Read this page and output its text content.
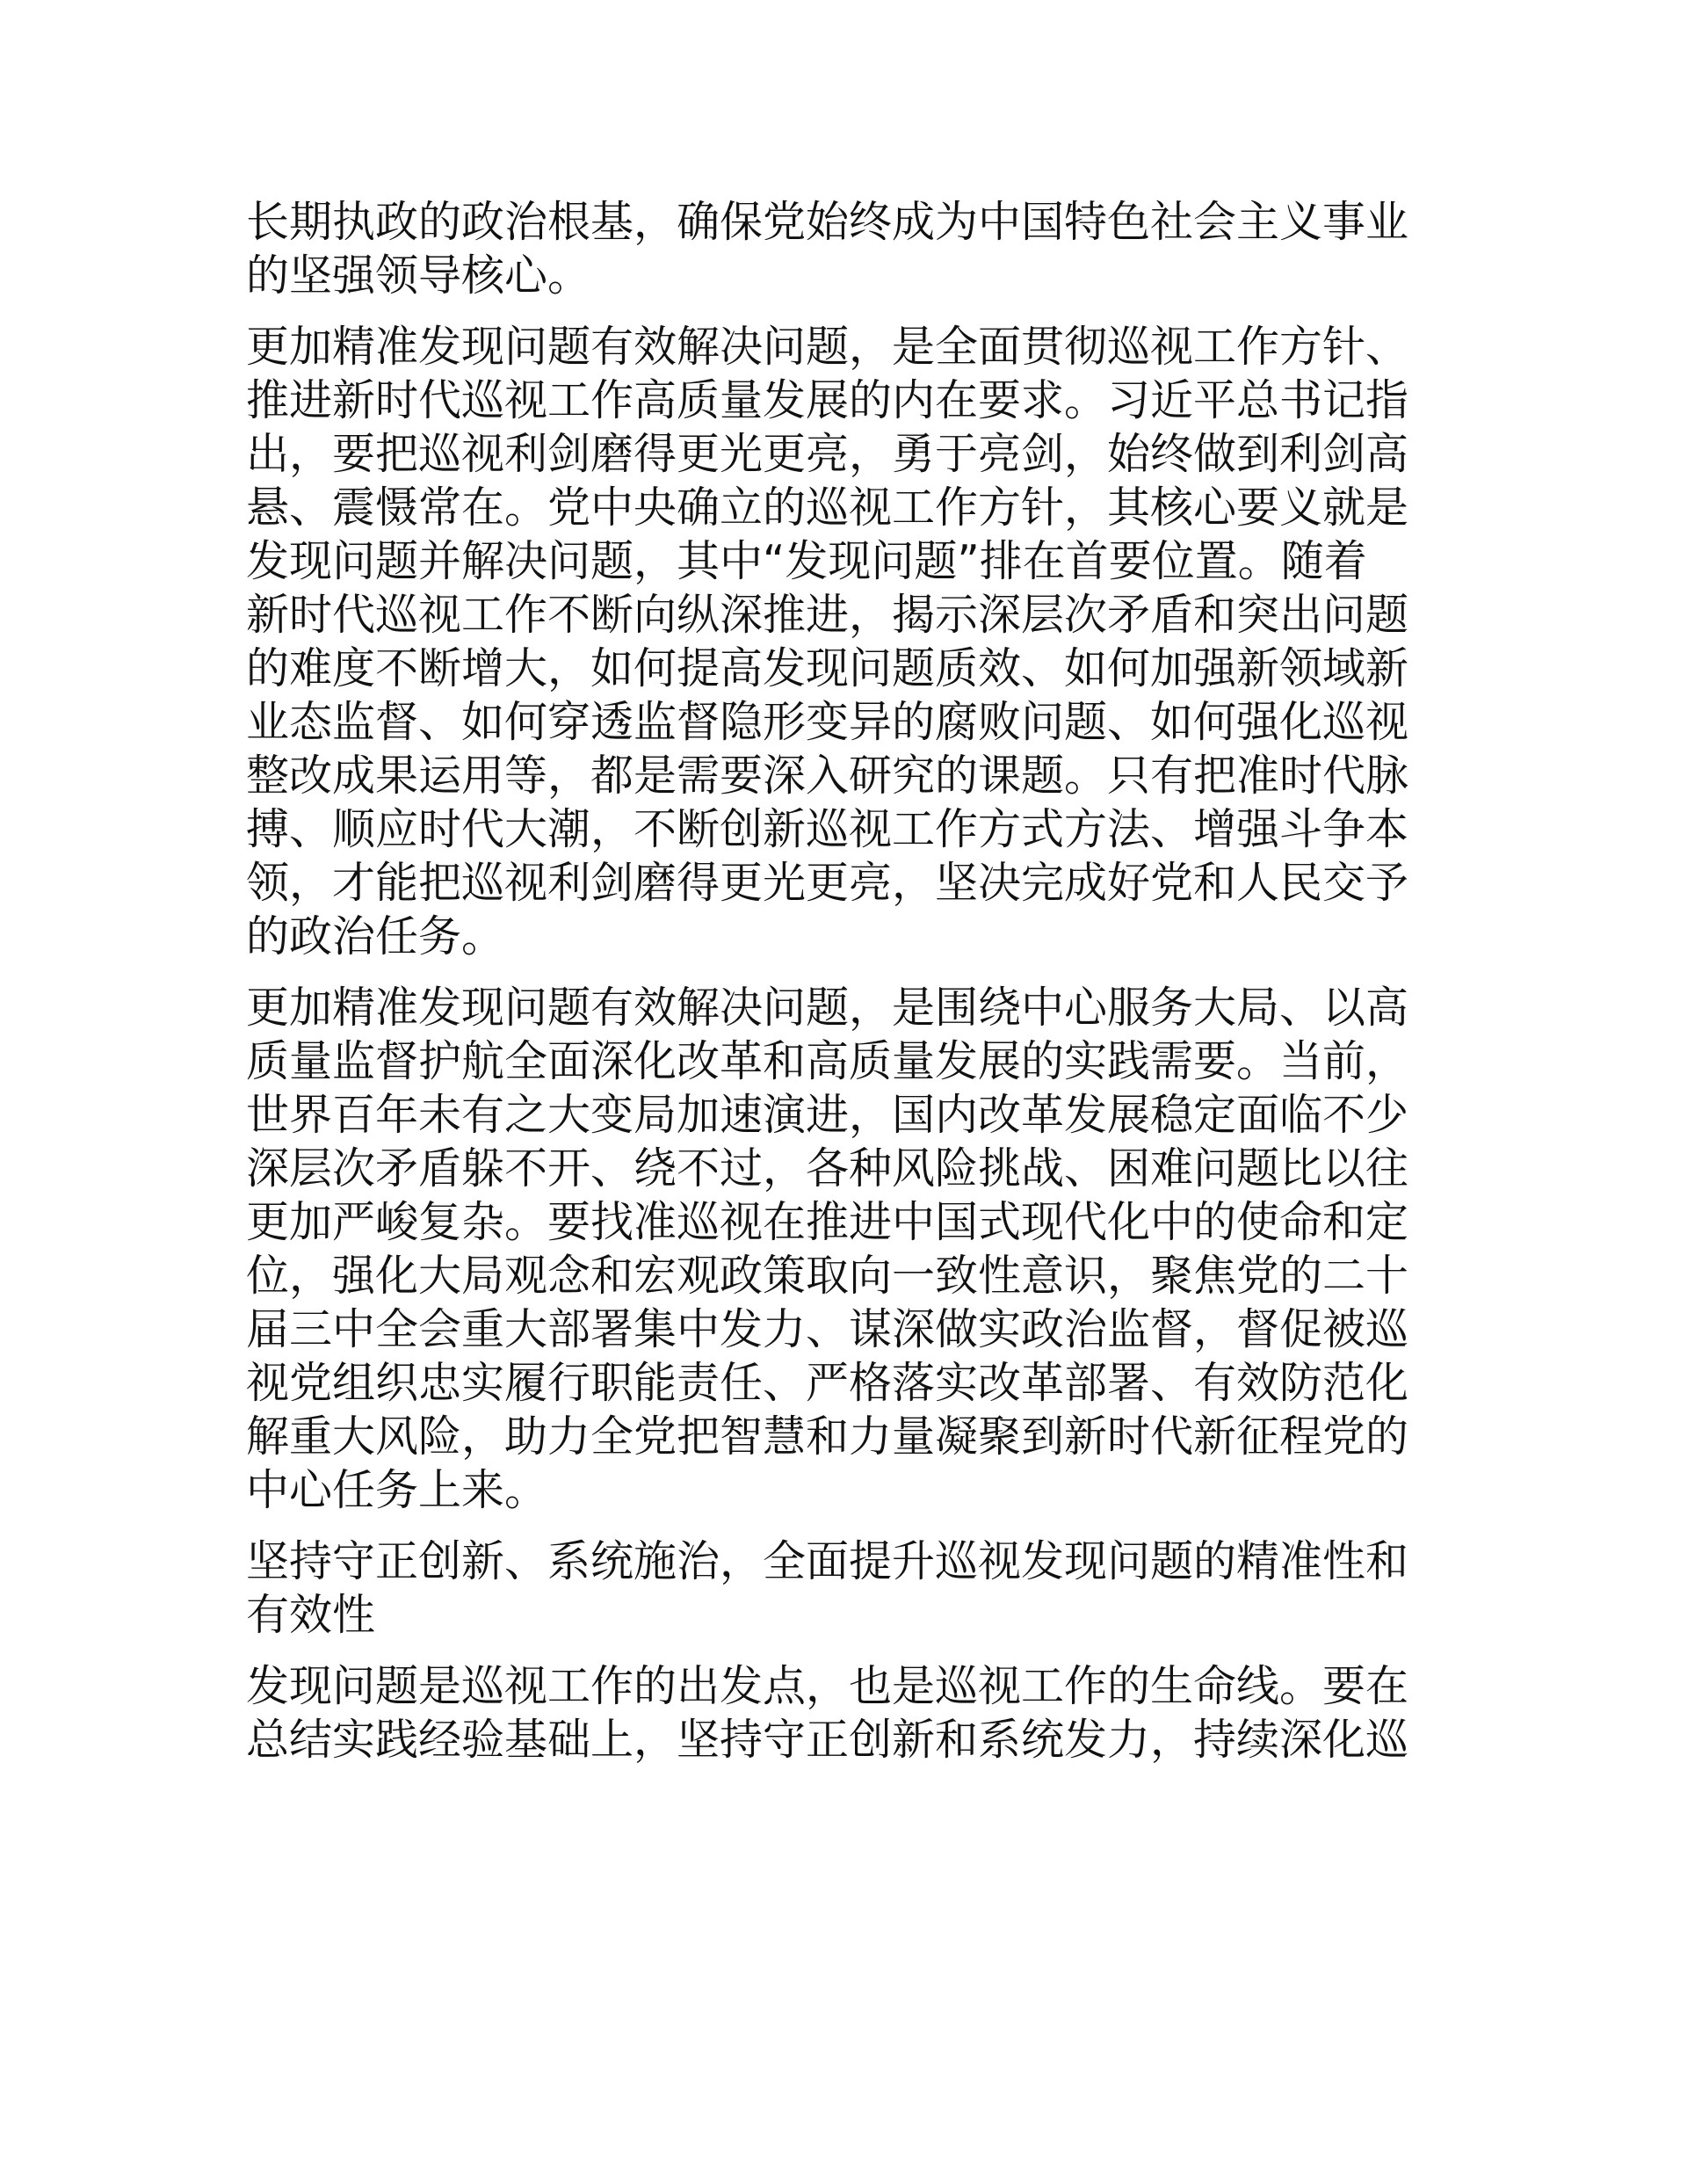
长期执政的政治根基，确保党始终成为中国特色社会主义事业
的坚强领导核心。
更加精准发现问题有效解决问题，是全面贯彻巡视工作方针、
推进新时代巡视工作高质量发展的内在要求。习近平总书记指
出，要把巡视利剑磨得更光更亮，勇于亮剑，始终做到利剑高
悬、震慑常在。党中央确立的巡视工作方针，其核心要义就是
发现问题并解决问题，其中“发现问题”排在首要位置。随着
新时代巡视工作不断向纵深推进，揭示深层次矛盾和突出问题
的难度不断增大，如何提高发现问题质效、如何加强新领域新
业态监督、如何穿透监督隐形变异的腐败问题、如何强化巡视
整改成果运用等，都是需要深入研究的课题。只有把准时代脉
搏、顺应时代大潮，不断创新巡视工作方式方法、增强斗争本
领，才能把巡视利剑磨得更光更亮，坚决完成好党和人民交予
的政治任务。
更加精准发现问题有效解决问题，是围绕中心服务大局、以高
质量监督护航全面深化改革和高质量发展的实践需要。当前，
世界百年未有之大变局加速演进，国内改革发展稳定面临不少
深层次矛盾躲不开、绕不过，各种风险挑战、困难问题比以往
更加严峻复杂。要找准巡视在推进中国式现代化中的使命和定
位，强化大局观念和宏观政策取向一致性意识，聚焦党的二十
届三中全会重大部署集中发力、谋深做实政治监督，督促被巡
视党组织忠实履行职能责任、严格落实改革部署、有效防范化
解重大风险，助力全党把智慧和力量凝聚到新时代新征程党的
中心任务上来。
坚持守正创新、系统施治，全面提升巡视发现问题的精准性和
有效性
发现问题是巡视工作的出发点，也是巡视工作的生命线。要在
总结实践经验基础上，坚持守正创新和系统发力，持续深化巡
